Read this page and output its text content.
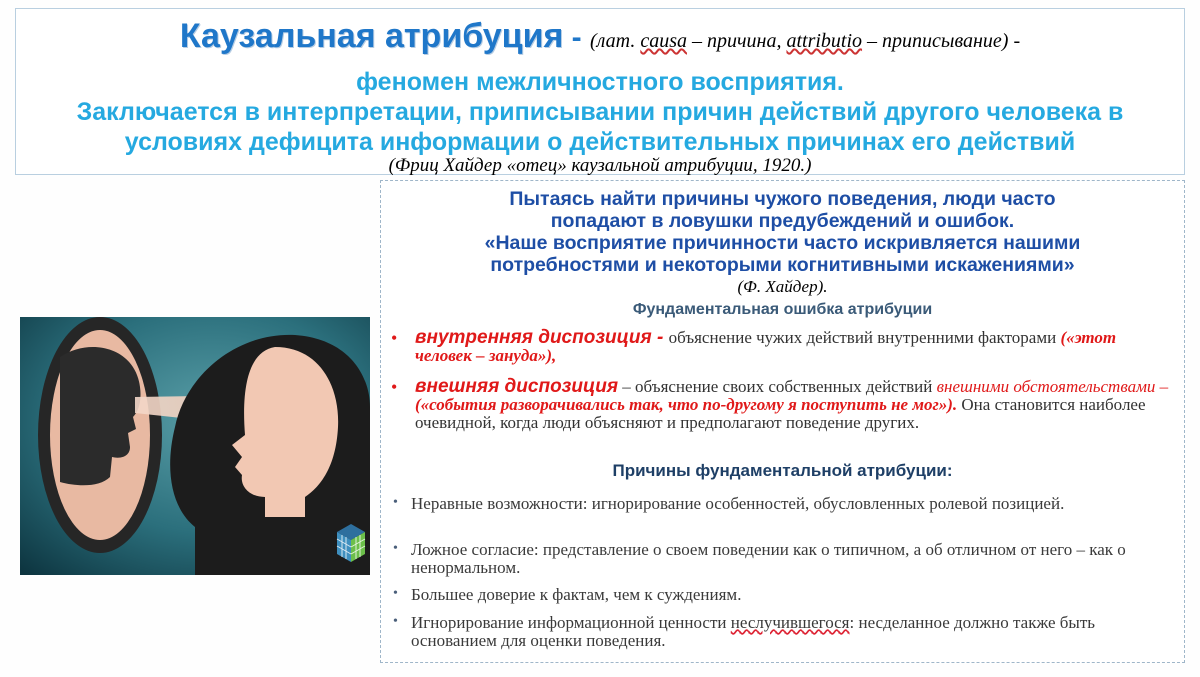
Каузальная атрибуция - (лат. causa – причина, attributio – приписывание) -
феномен межличностного восприятия.
Заключается в интерпретации, приписывании причин действий другого человека в
условиях дефицита информации о действительных причинах его действий
(Фриц Хайдер «отец» каузальной атрибуции, 1920.)
Пытаясь найти причины чужого поведения, люди часто
попадают в ловушки предубеждений и ошибок.
«Наше восприятие причинности часто искривляется нашими
потребностями и некоторыми когнитивными искажениями»
(Ф. Хайдер).
Фундаментальная ошибка атрибуции
• внутренняя диспозиция - объяснение чужих действий внутренними факторами («этот человек – зануда»),
• внешняя диспозиция – объяснение своих собственных действий внешними обстоятельствами –(«события разворачивались так, что по-другому я поступить не мог»). Она становится наиболее очевидной, когда люди объясняют и предполагают поведение других.
Причины фундаментальной атрибуции:
• Неравные возможности: игнорирование особенностей, обусловленных ролевой позицией.
• Ложное согласие: представление о своем поведении как о типичном, а об отличном от него – как о ненормальном.
• Большее доверие к фактам, чем к суждениям.
• Игнорирование информационной ценности неслучившегося: несделанное должно также быть основанием для оценки поведения.
